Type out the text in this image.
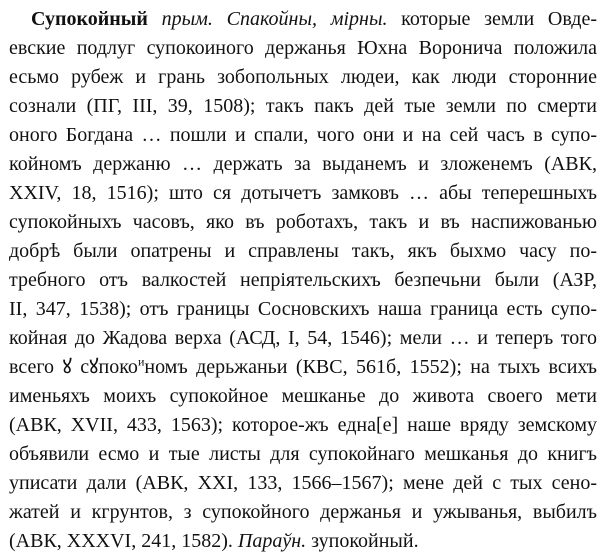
Супокойный прым. Спакойны, мірны. которые земли Овде-
евские подлуг супокоиного держанья Юхна Воронича положила
есьмо рубеж и грань зобопольных людеи, как люди сторонние
сознали (ПГ, III, 39, 1508); такъ пакъ дей тые земли по смерти
оного Богдана … пошли и спали, чого они и на сей часъ в супо-
койномъ держаню … держать за выданемъ и зложенемъ (АВК,
XXIV, 18, 1516); што ся дотычетъ замковъ … абы теперешныхъ
супокойныхъ часовъ, яко въ роботахъ, такъ и въ наспижованью
добрѣ были опатрены и справлены такъ, якъ быхмо часу по-
требного отъ валкостей непріятельскихъ безпечьни были (АЗР,
II, 347, 1538); отъ границы Сосновскихъ наша граница есть супо-
койная до Жадова верха (АСД, I, 54, 1546); мели … и теперъ того
всего ꙋ сꙋпоко$^и$номъ дерьжаньи (КВС, 561б, 1552); на тыхъ всихъ
именьяхъ моихъ супокойное мешканье до живота своего мети
(АВК, XVII, 433, 1563); которое-жъ една[е] наше вряду земскому
объявили есмо и тые листы для супокойнаго мешканья до книгъ
уписати дали (АВК, XXI, 133, 1566–1567); мене дей с тых сено-
жатей и кгрунтов, з супокойного держанья и ужыванья, выбилъ
(АВК, XXXVI, 241, 1582). Параўн. зупокойный.
